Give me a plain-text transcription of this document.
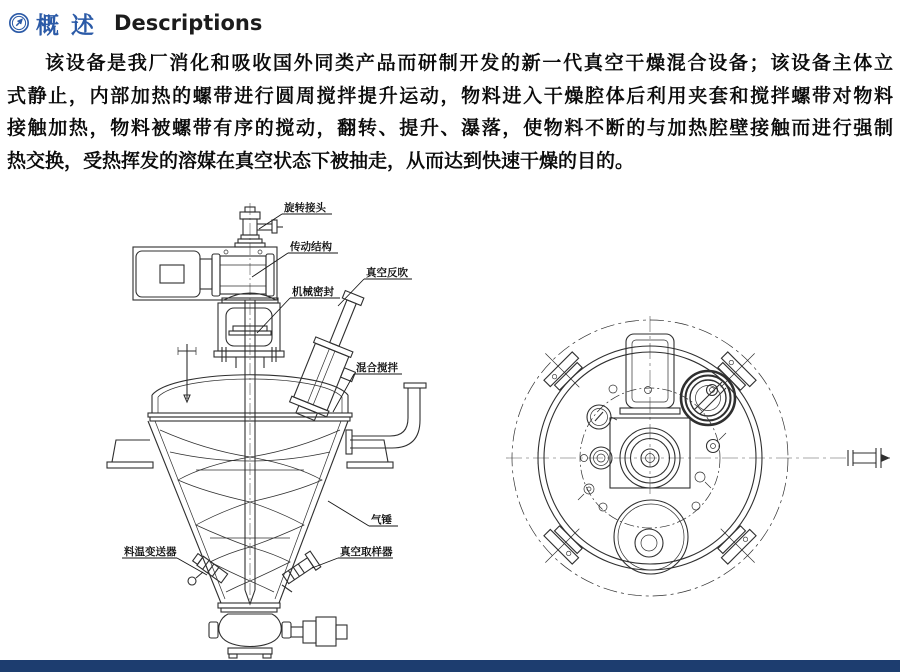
概 述 Descriptions
该设备是我厂消化和吸收国外同类产品而研制开发的新一代真空干燥混合设备；该设备主体立
式静止，内部加热的螺带进行圆周搅拌提升运动，物料进入干燥腔体后利用夹套和搅拌螺带对物料
接触加热，物料被螺带有序的搅动，翻转、提升、瀑落，使物料不断的与加热腔壁接触而进行强制
热交换，受热挥发的溶媒在真空状态下被抽走，从而达到快速干燥的目的。
旋转接头
传动结构
机械密封
真空反吹
混合搅拌
气锤
料温变送器	真空取样器
